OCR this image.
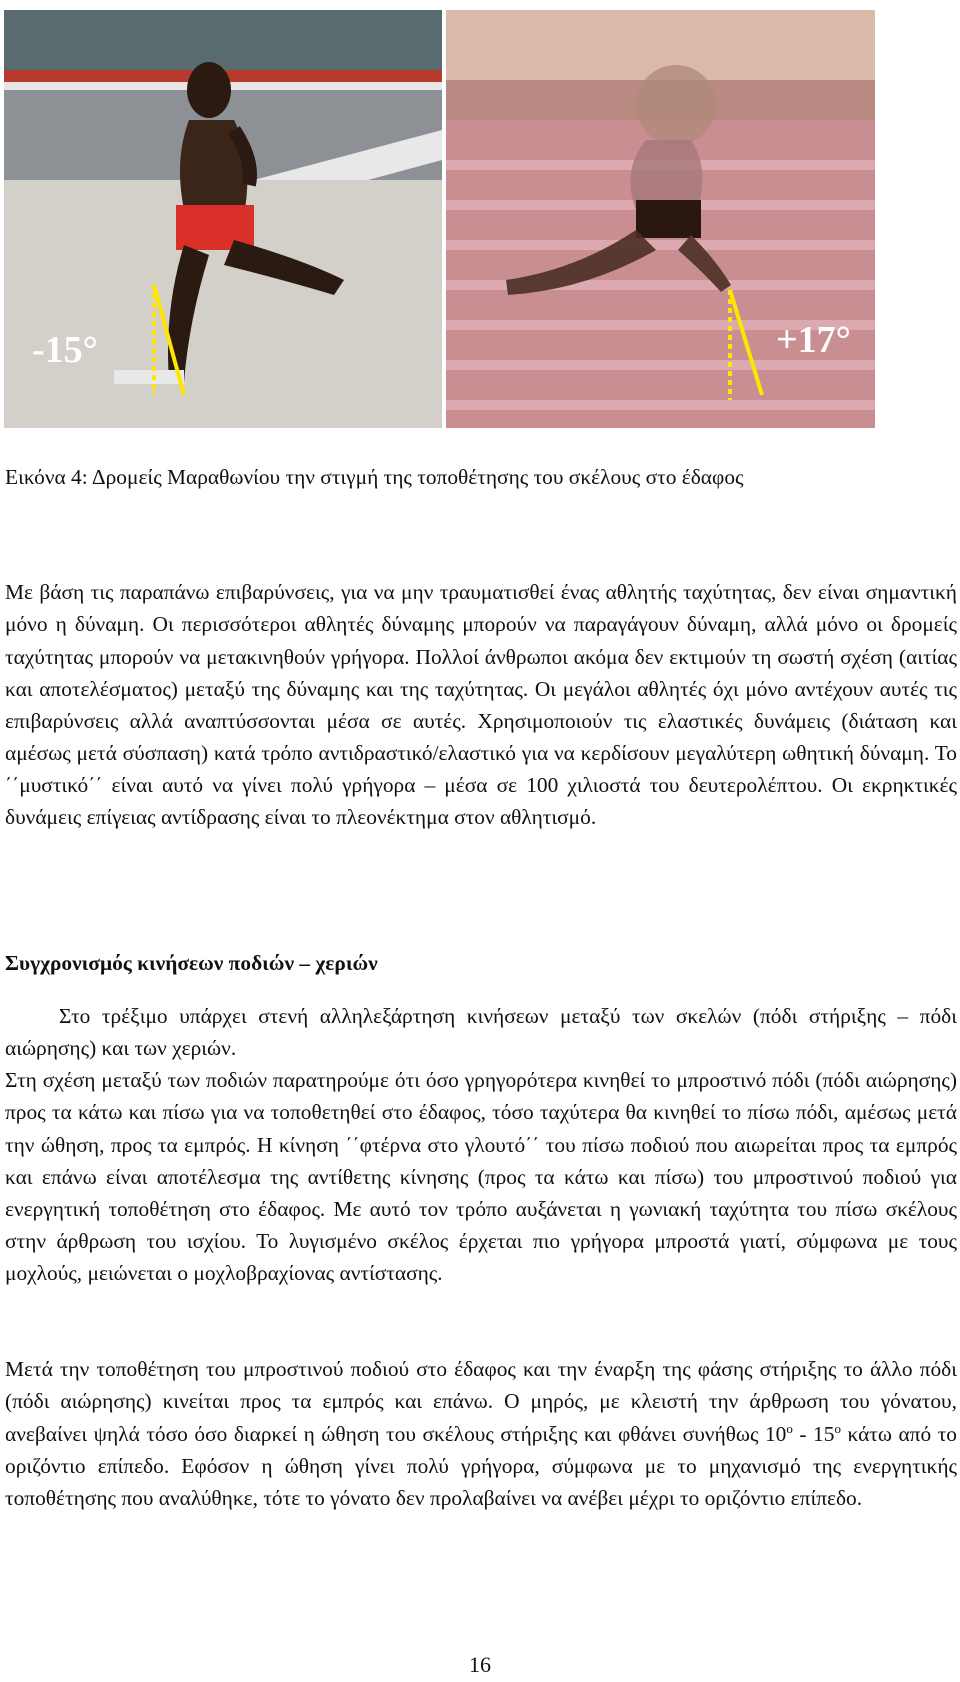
-15°	+17°
Εικόνα 4: Δρομείς Μαραθωνίου την στιγμή της τοποθέτησης του σκέλους στο έδαφος

Με βάση τις παραπάνω επιβαρύνσεις, για να μην τραυματισθεί ένας αθλητής ταχύτητας, δεν είναι σημαντική μόνο η δύναμη. Οι περισσότεροι αθλητές δύναμης μπορούν να παραγάγουν δύναμη, αλλά μόνο οι δρομείς ταχύτητας μπορούν να μετακινηθούν γρήγορα. Πολλοί άνθρωποι ακόμα δεν εκτιμούν τη σωστή σχέση (αιτίας και αποτελέσματος) μεταξύ της δύναμης και της ταχύτητας. Οι μεγάλοι αθλητές όχι μόνο αντέχουν αυτές τις επιβαρύνσεις αλλά αναπτύσσονται μέσα σε αυτές. Χρησιμοποιούν τις ελαστικές δυνάμεις (διάταση και αμέσως μετά σύσπαση) κατά τρόπο αντιδραστικό/ελαστικό για να κερδίσουν μεγαλύτερη ωθητική δύναμη. Το ΄΄μυστικό΄΄ είναι αυτό να γίνει πολύ γρήγορα – μέσα σε 100 χιλιοστά του δευτερολέπτου. Οι εκρηκτικές δυνάμεις επίγειας αντίδρασης είναι το πλεονέκτημα στον αθλητισμό.

Συγχρονισμός κινήσεων ποδιών – χεριών

Στο τρέξιμο υπάρχει στενή αλληλεξάρτηση κινήσεων μεταξύ των σκελών (πόδι στήριξης – πόδι αιώρησης) και των χεριών.

Στη σχέση μεταξύ των ποδιών παρατηρούμε ότι όσο γρηγορότερα κινηθεί το μπροστινό πόδι (πόδι αιώρησης) προς τα κάτω και πίσω για να τοποθετηθεί στο έδαφος, τόσο ταχύτερα θα κινηθεί το πίσω πόδι, αμέσως μετά την ώθηση, προς τα εμπρός. Η κίνηση ΄΄φτέρνα στο γλουτό΄΄ του πίσω ποδιού που αιωρείται προς τα εμπρός και επάνω είναι αποτέλεσμα της αντίθετης κίνησης (προς τα κάτω και πίσω) του μπροστινού ποδιού για ενεργητική τοποθέτηση στο έδαφος. Με αυτό τον τρόπο αυξάνεται η γωνιακή ταχύτητα του πίσω σκέλους στην άρθρωση του ισχίου. Το λυγισμένο σκέλος έρχεται πιο γρήγορα μπροστά γιατί, σύμφωνα με τους μοχλούς, μειώνεται ο μοχλοβραχίονας αντίστασης.

Μετά την τοποθέτηση του μπροστινού ποδιού στο έδαφος και την έναρξη της φάσης στήριξης το άλλο πόδι (πόδι αιώρησης) κινείται προς τα εμπρός και επάνω. Ο μηρός, με κλειστή την άρθρωση του γόνατου, ανεβαίνει ψηλά τόσο όσο διαρκεί η ώθηση του σκέλους στήριξης και φθάνει συνήθως $10^o - 15^o$ κάτω από το οριζόντιο επίπεδο. Εφόσον η ώθηση γίνει πολύ γρήγορα, σύμφωνα με το μηχανισμό της ενεργητικής τοποθέτησης που αναλύθηκε, τότε το γόνατο δεν προλαβαίνει να ανέβει μέχρι το οριζόντιο επίπεδο.

16
